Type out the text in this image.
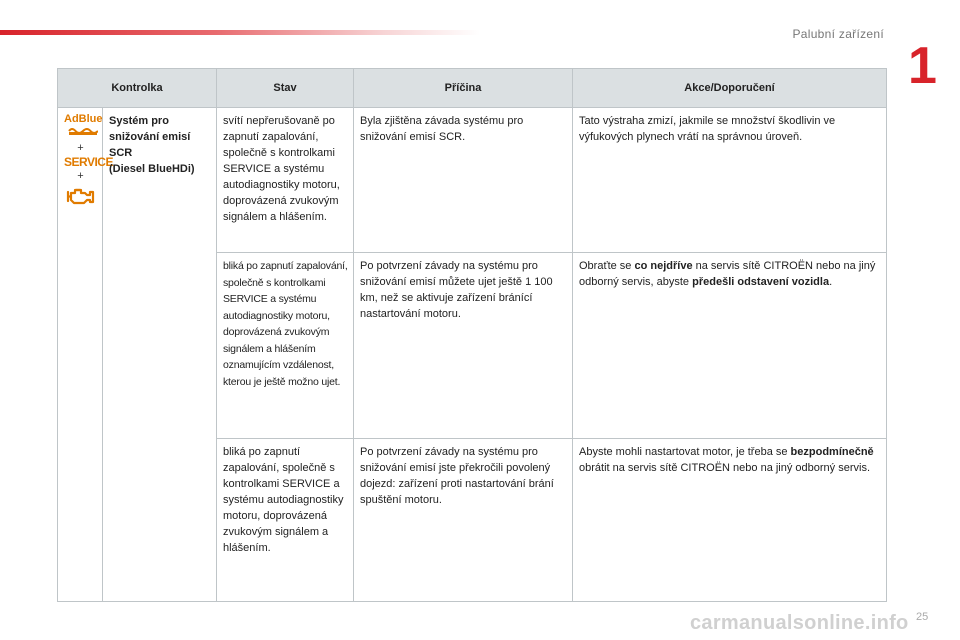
Palubní zařízení
1
Kontrolka		Stav	Příčina	Akce/Doporučení

AdBlue
+
SERVICE
+	Systém pro
snižování emisí
SCR
(Diesel BlueHDi)	svítí nepřerušovaně po zapnutí zapalování, společně s kontrolkami SERVICE a systému autodiagnostiky motoru, doprovázená zvukovým signálem a hlášením.	Byla zjištěna závada systému pro snižování emisí SCR.	Tato výstraha zmizí, jakmile se množství škodlivin ve výfukových plynech vrátí na správnou úroveň.
		bliká po zapnutí zapalování, společně s kontrolkami SERVICE a systému autodiagnostiky motoru, doprovázená zvukovým signálem a hlášením oznamujícím vzdálenost, kterou je ještě možno ujet.	Po potvrzení závady na systému pro snižování emisí můžete ujet ještě 1 100 km, než se aktivuje zařízení bránící nastartování motoru.	Obraťte se co nejdříve na servis sítě CITROËN nebo na jiný odborný servis, abyste předešli odstavení vozidla.
		bliká po zapnutí zapalování, společně s kontrolkami SERVICE a systému autodiagnostiky motoru, doprovázená zvukovým signálem a hlášením.	Po potvrzení závady na systému pro snižování emisí jste překročili povolený dojezd: zařízení proti nastartování brání spuštění motoru.	Abyste mohli nastartovat motor, je třeba se bezpodmínečně obrátit na servis sítě CITROËN nebo na jiný odborný servis.
carmanualsonline.info 25
